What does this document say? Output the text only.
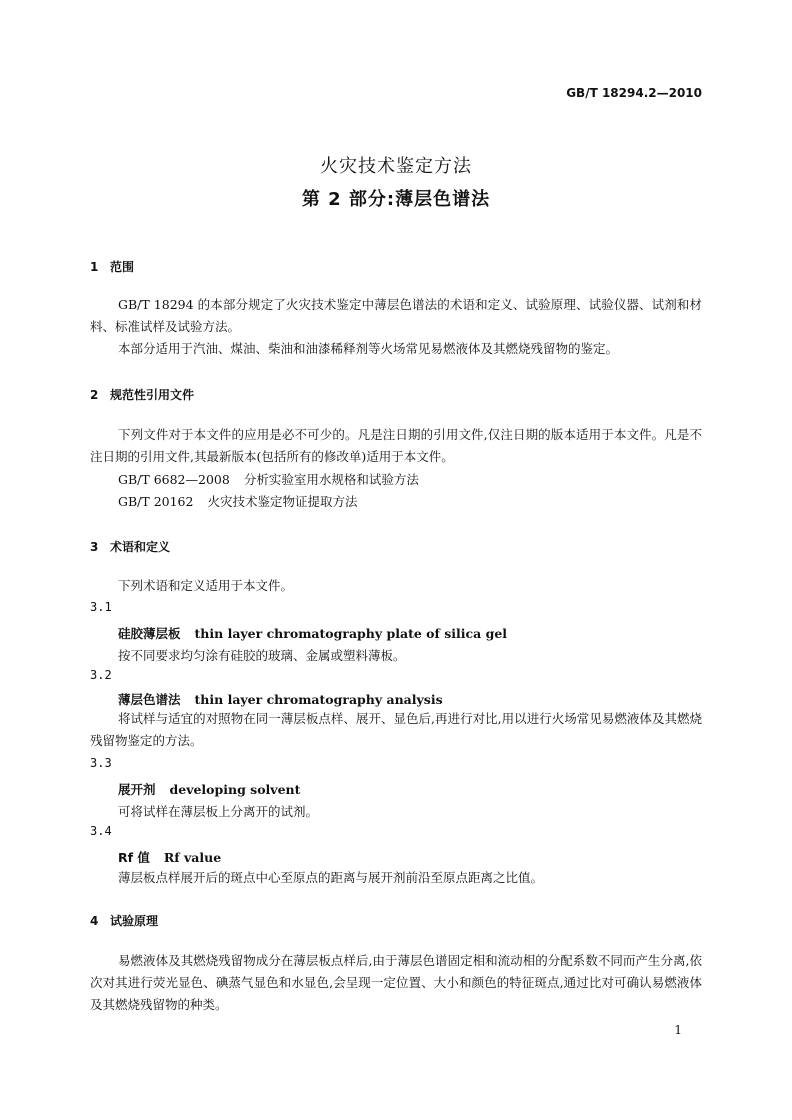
GB/T 18294.2—2010
火灾技术鉴定方法
第 2 部分:薄层色谱法
1 范围
GB/T 18294 的本部分规定了火灾技术鉴定中薄层色谱法的术语和定义、试验原理、试验仪器、试剂和材料、标准试样及试验方法。
本部分适用于汽油、煤油、柴油和油漆稀释剂等火场常见易燃液体及其燃烧残留物的鉴定。
2 规范性引用文件
下列文件对于本文件的应用是必不可少的。凡是注日期的引用文件,仅注日期的版本适用于本文件。凡是不注日期的引用文件,其最新版本(包括所有的修改单)适用于本文件。
GB/T 6682—2008 分析实验室用水规格和试验方法
GB/T 20162 火灾技术鉴定物证提取方法
3 术语和定义
下列术语和定义适用于本文件。
3.1
硅胶薄层板 thin layer chromatography plate of silica gel
按不同要求均匀涂有硅胶的玻璃、金属或塑料薄板。
3.2
薄层色谱法 thin layer chromatography analysis
将试样与适宜的对照物在同一薄层板点样、展开、显色后,再进行对比,用以进行火场常见易燃液体及其燃烧残留物鉴定的方法。
3.3
展开剂 developing solvent
可将试样在薄层板上分离开的试剂。
3.4
Rf 值 Rf value
薄层板点样展开后的斑点中心至原点的距离与展开剂前沿至原点距离之比值。
4 试验原理
易燃液体及其燃烧残留物成分在薄层板点样后,由于薄层色谱固定相和流动相的分配系数不同而产生分离,依次对其进行荧光显色、碘蒸气显色和水显色,会呈现一定位置、大小和颜色的特征斑点,通过比对可确认易燃液体及其燃烧残留物的种类。
1
